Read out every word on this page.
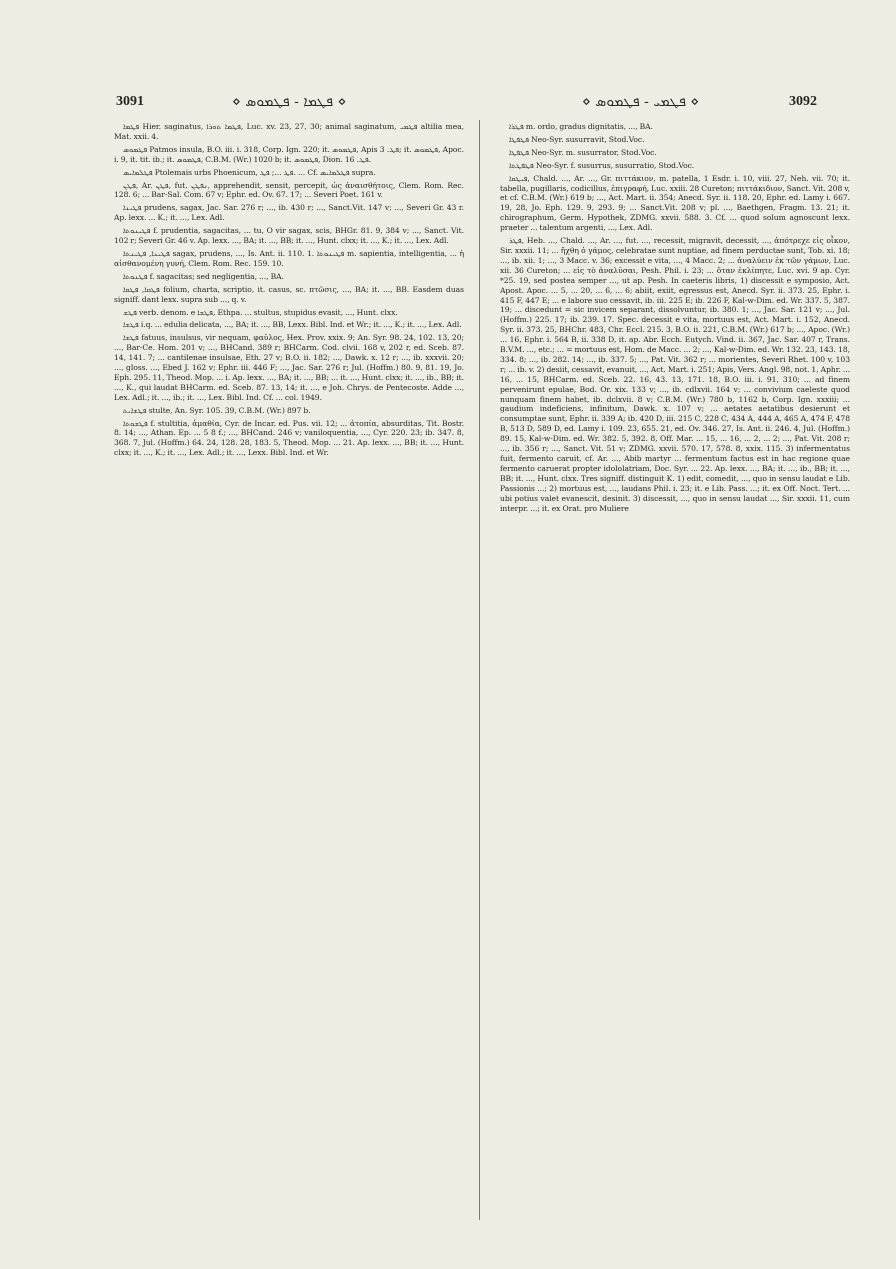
3091	⋄ ܦܛܡܐ - ܦܛܡܘܣ ⋄	⋄ ܦܛܡܝ - ܦܛܡܘܣ ⋄	3092

ܦܛܡܐ Hier. saginatus, ܦܛܡܐ ܬܘܪܐ, Luc. xv. 23, 27, 30; animal saginatum, ܦܛܡܝ altilia mea, Mat. xxii. 4.

ܦܛܡܘܣ Patmos insula, B.O. iii. i. 318, Corp. Ign. 220; it. ܦܛܡܘܣ, Apis ܦܛ. 3; it. ܦܛܡܘܣ, Apoc. i. 9, it. tit. ib.; it. ܦܛܡܘܣ, C.B.M. (Wr.) 1020 b; it. ܦܛܡܘܣ, Dion. ܦܛ. 16.

ܦܛܠܡܐܝܣ Ptolemais urbs Phoenicum, ܦܛ ...; ܦܛ. ... Cf. ܦܛܠܡܐܝܣ supra.

ܦܛܢ, Ar. ܦܛܢ, fut. ܢܦܛܢ, apprehendit, sensit, percepit, ὡς ἀναισθήτοις, Clem. Rom. Rec. 128. 6; ... Bar-Sal. Com. 67 v; Ephr. ed. Ov. 67. 17; ... Severi Poet. 161 v.

ܦܛܝܢܐ prudens, sagax, Jac. Sar. 276 r; ..., ib. 430 r; ..., Sanct.Vit. 147 v; ..., Severi Gr. 43 r. Ap. lexx. ... K.; it. ..., Lex. Adl.

ܦܛܝܢܘܬܐ f. prudentia, sagacitas, ... tu, O vir sagax, scis, BHGr. 81. 9, 384 v; ..., Sanct. Vit. 102 r; Severi Gr. 46 v. Ap. lexx. ..., BA; it. ..., BB; it. ..., Hunt. clxx; it. ..., K.; it. ..., Lex. Adl.

ܦܛܝܢܐ, ܦܛܝܢܬܐ sagax, prudens, ..., Is. Ant. ii. 110. 1. ܦܛܝܢܘܬܐ m. sapientia, intelligentia, ... ἡ αἰσθανομένη γυνή, Clem. Rom. Rec. 159. 10.

ܦܛܢܘܬܐ f. sagacitas; sed negligentia, ..., BA.

ܦܛܩܐ, ܦܛܩܐ folium, charta, scriptio, it. casus, sc. πτῶσις, ..., BA; it. ..., BB. Easdem duas signiff. dant lexx. supra sub ..., q. v.

ܦܛܫ verb. denom. e ܦܛܫܐ, Ethpa. ... stultus, stupidus evasit, ..., Hunt. clxx.

ܦܛܫܐ i.q. ... edulia delicata, ..., BA; it. ..., BB, Lexx. Bibl. Ind. et Wr.; it. ..., K.; it. ..., Lex. Adl.

ܦܛܫܐ fatuus, insulsus, vir nequam, φαῦλος, Hex. Prov. xxix. 9; An. Syr. 98. 24, 102. 13, 20; ..., Bar-Ce. Hom. 201 v; ..., BHCand. 389 r; BHCarm. Cod. clvii. 168 v, 202 r, ed. Sceb. 87. 14, 141. 7; ... cantilenae insulsae, Eth. 27 v; B.O. ii. 182; ..., Dawk. x. 12 r; ..., ib. xxxvii. 20; ..., gloss. ..., Ebed J. 162 v; Ephr. iii. 446 F; ..., Jac. Sar. 276 r; Jul. (Hoffm.) 80. 9, 81. 19, Jo. Eph. 295. 11, Theod. Mop. ... i. Ap. lexx. ..., BA; it. ..., BB; ... it. ..., Hunt. clxx; it. ..., ib., BB; it. ..., K., qui laudat BHCarm. ed. Sceb. 87. 13, 14; it. ..., e Joh. Chrys. de Pentecoste. Adde ..., Lex. Adl.; it. ..., ib.; it. ..., Lex. Bibl. Ind. Cf. ... col. 1949.

ܦܛܫܐܝܬ stulte, An. Syr. 105. 39, C.B.M. (Wr.) 897 b.

ܦܛܫܘܬܐ f. stultitia, ἀμαθία, Cyr. de Incar. ed. Pus. vii. 12; ... ἀτοπία, absurditas, Tit. Bostr. 8. 14; ..., Athan. Ep. ... 5 8 f.; ..., BHCand. 246 v; vaniloquentia, ..., Cyr. 220. 23; ib. 347. 8, 368. 7, Jul. (Hoffm.) 64. 24, 128. 28, 183. 5, Theod. Mop. ... 21. Ap. lexx. ..., BB; it. ..., Hunt. clxx; it. ..., K.; it. ..., Lex. Adl.; it. ..., Lexx. Bibl. Ind. et Wr.

ܦܛܪܐ m. ordo, gradus dignitatis, ..., BA.

ܦܛܦܛܐ Neo-Syr. susurravit, Stod.Voc.

ܦܛܦܛܐ Neo-Syr. m. susurrator, Stod.Voc.

ܦܛܦܛܬܐ Neo-Syr. f. susurrus, susurratio, Stod.Voc.

ܦܝܛܩܐ, Chald. ..., Ar. ..., Gr. πιττάκιον, m. patella, 1 Esdr. i. 10, viii. 27, Neh. vii. 70; it. tabella, pugillaris, codicillus, ἐπιγραφή, Luc. xxiii. 28 Cureton; πιττάκιδιον, Sanct. Vit. 208 v, et cf. C.B.M. (Wr.) 619 b; ..., Act. Mart. ii. 354; Anecd. Syr. ii. 118. 20, Ephr. ed. Lamy i. 667. 19, 28, Jo. Eph. 129. 9, 293. 9; ... Sanct.Vit. 208 v; pl. ..., Baethgen, Fragm. 13. 21; it. chirographum, Germ. Hypothek, ZDMG. xxvii. 588. 3. Cf. ... quod solum agnoscunt lexx. praeter ... talentum argenti, ..., Lex. Adl.

ܦܛܪ, Heb. ..., Chald. ..., Ar. ..., fut. ..., recessit, migravit, decessit, ..., ἀπότρεχε εἰς οἶκον, Sir. xxxii. 11; ... ἤχθη ὁ γάμος, celebratae sunt nuptiae, ad finem perductae sunt, Tob. xi. 18; ..., ib. xii. 1; ..., 3 Macc. v. 36; excessit e vita, ..., 4 Macc. 2; ... ἀναλύειν ἐκ τῶν γάμων, Luc. xii. 36 Cureton; ... εἰς τὸ ἀναλῦσαι, Pesh. Phil. i. 23; ... ὅταν ἐκλίπητε, Luc. xvi. 9 ap. Cyr. *25. 19, sed postea semper ..., ut ap. Pesh. In caeteris libris, 1) discessit e symposio, Act. Apost. Apoc. ... 5, ... 20, ... 6, ... 6; abiit, exiit, egressus est, Anecd. Syr. ii. 373. 25, Ephr. i. 415 F, 447 E; ... e labore suo cessavit, ib. iii. 225 E; ib. 226 F, Kal-w-Dim. ed. Wr. 337. 5, 387. 19; ... discedunt = sic invicem separant, dissolvuntur, ib. 380. 1; ..., Jac. Sar. 121 v; ..., Jul. (Hoffm.) 225. 17; ib. 239. 17. Spec. decessit e vita, mortuus est, Act. Mart. i. 152, Anecd. Syr. ii. 373. 25, BHChr. 483, Chr. Eccl. 215. 3, B.O. ii. 221, C.B.M. (Wr.) 617 b; ..., Apoc. (Wr.) ... 16, Ephr. i. 564 B, ii. 338 D, it. ap. Abr. Ecch. Eutych. Vind. ii. 367, Jac. Sar. 407 r, Trans. B.V.M. ..., etc.; ... = mortuus est, Hom. de Macc. ... 2; ..., Kal-w-Dim. ed. Wr. 132. 23, 143. 18, 334. 8; ..., ib. 282. 14; ..., ib. 337. 5; ..., Pat. Vit. 362 r; ... morientes, Severi Rhet. 100 v, 103 r; ... ib. v. 2) desiit, cessavit, evanuit, ..., Act. Mart. i. 251; Apis, Vers. Angl. 98, not. 1, Aphr. ... 16, ... 15, BHCarm. ed. Sceb. 22. 16, 43. 13, 171. 18, B.O. iii. i. 91, 310; ... ad finem pervenirunt epulae, Bod. Or. xix. 133 v; ..., ib. cdlxvii. 164 v; ... convivium caeleste quod nunquam finem habet, ib. dclxvii. 8 v; C.B.M. (Wr.) 780 b, 1162 b, Corp. Ign. xxxiii; ... gaudium indeficiens, infinitum, Dawk. x. 107 v; ... aetates aetatibus desierunt et consumptae sunt, Ephr. ii. 339 A; ib. 420 D, iii. 215 C, 228 C, 434 A, 444 A, 465 A, 474 F, 478 B, 513 D, 589 D, ed. Lamy i. 109. 23, 655. 21, ed. Ov. 346. 27, Is. Ant. ii. 246. 4, Jul. (Hoffm.) 89. 15, Kal-w-Dim. ed. Wr. 382. 5, 392. 8, Off. Mar. ... 15, ... 16, ... 2, ... 2; ..., Pat. Vit. 208 r; ..., ib. 356 r; ..., Sanct. Vit. 51 v; ZDMG. xxvii. 570. 17, 578. 8, xxix. 115. 3) infermentatus fuit, fermento caruit, cf. Ar. ..., Abib martyr ... fermentum factus est in hac regione quae fermento caruerat propter idololatriam, Doc. Syr. ... 22. Ap. lexx. ..., BA; it. ..., ib., BB; it. ..., BB; it. ..., Hunt. clxx. Tres signiff. distinguit K. 1) edit, comedit, ..., quo in sensu laudat e Lib. Passionis ...; 2) mortuus est, ..., laudans Phil. i. 23; it. e Lib. Pass. ...; it. ex Off. Noct. Tert. ... ubi potius valet evanescit, desinit. 3) discessit, ..., quo in sensu laudat ..., Sir. xxxii. 11, cum interpr. ...; it. ex Orat. pro Muliere
